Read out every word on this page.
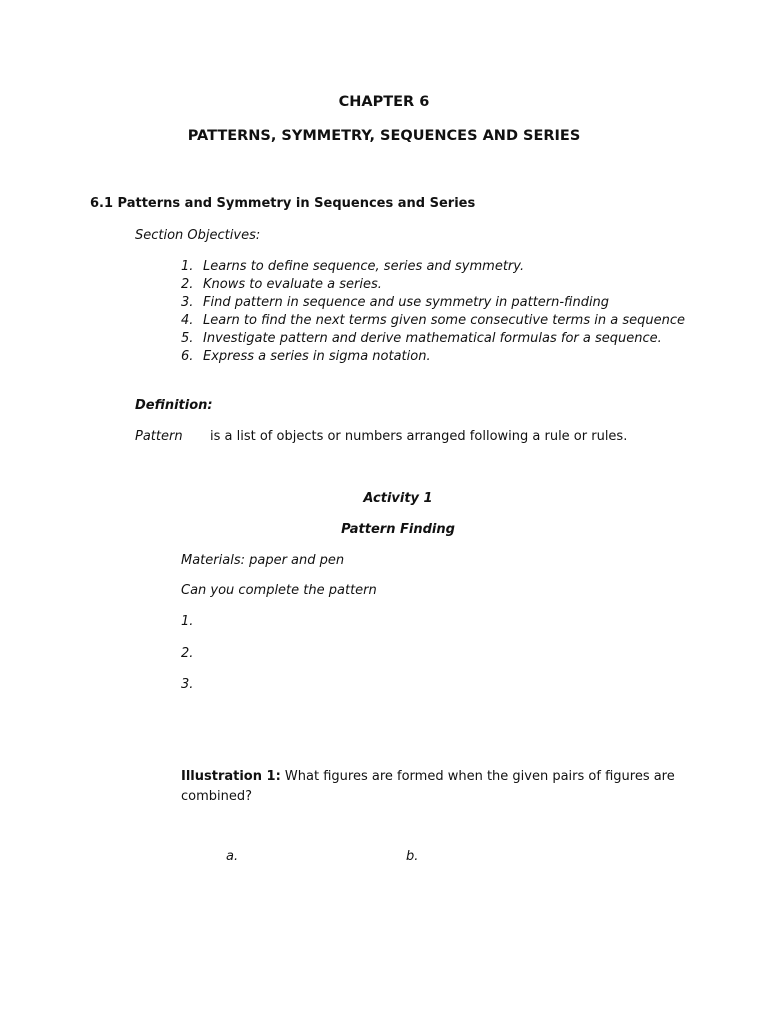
CHAPTER 6
PATTERNS, SYMMETRY, SEQUENCES AND SERIES
6.1 Patterns and Symmetry in Sequences and Series
Section Objectives:
1. Learns to define sequence, series and symmetry.
2. Knows to evaluate a series.
3. Find pattern in sequence and use symmetry in pattern-finding
4. Learn to find the next terms given some consecutive terms in a sequence
5. Investigate pattern and derive mathematical formulas for a sequence.
6. Express a series in sigma notation.
Definition:
Pattern is a list of objects or numbers arranged following a rule or rules.
Activity 1
Pattern Finding
Materials: paper and pen
Can you complete the pattern
1.
2.
3.
Illustration 1: What figures are formed when the given pairs of figures are
combined?
a.	b.
